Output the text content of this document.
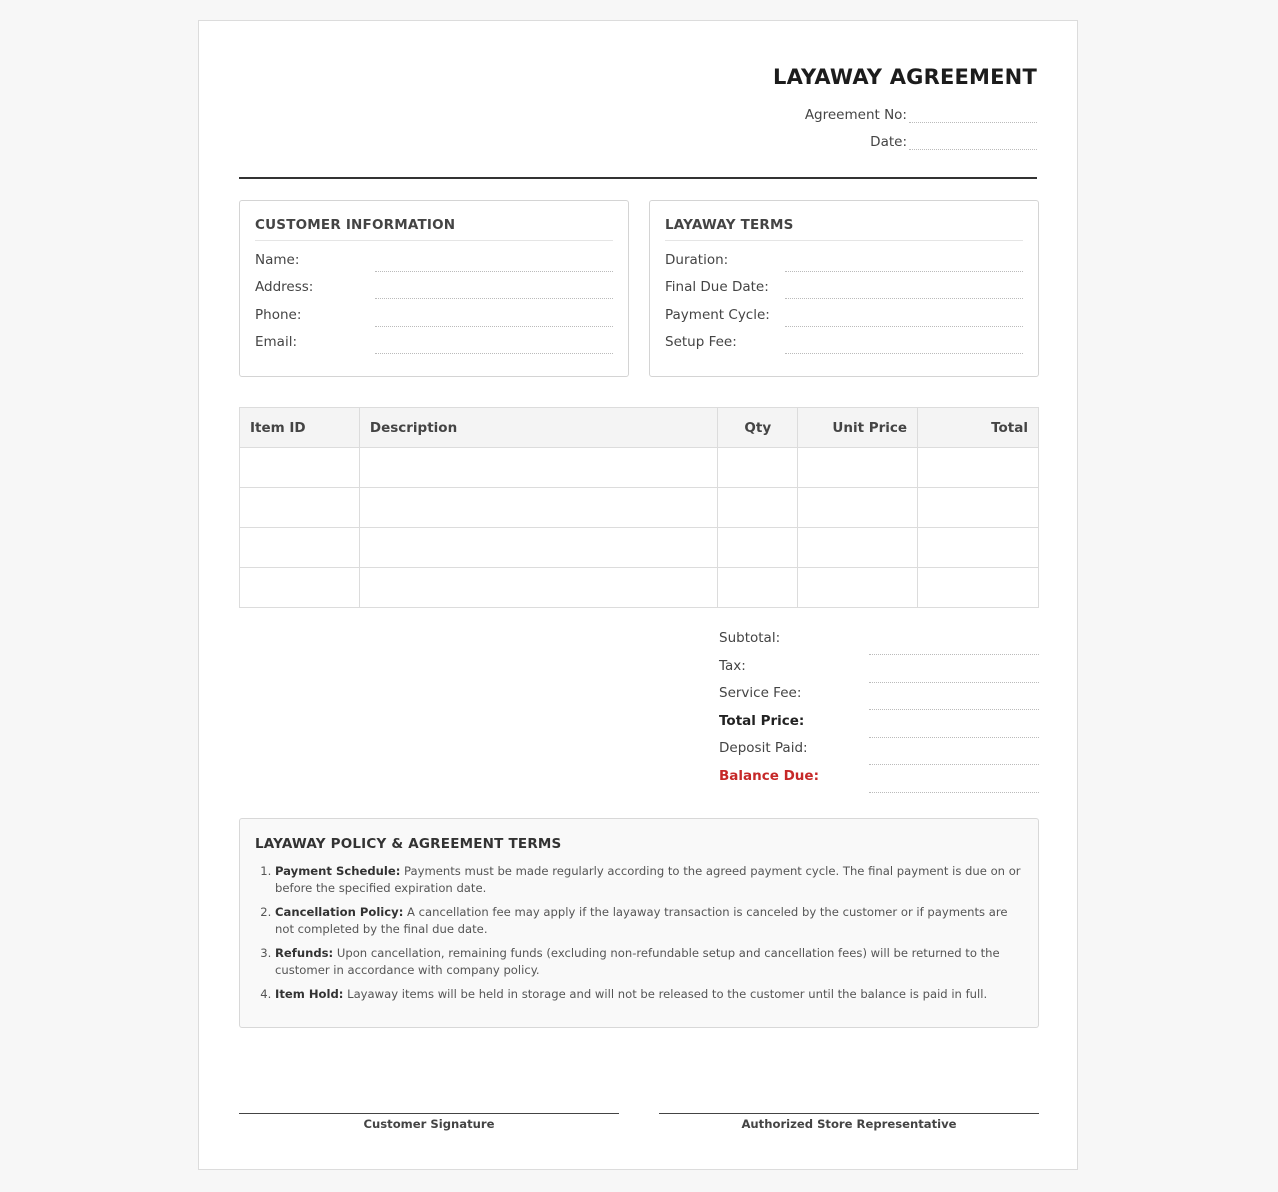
LAYAWAY AGREEMENT
Agreement No:
Date:
CUSTOMER INFORMATION
Name:
Address:
Phone:
Email:
LAYAWAY TERMS
Duration:
Final Due Date:
Payment Cycle:
Setup Fee:
Item ID	Description	Qty	Unit Price	Total

Subtotal:
Tax:
Service Fee:
Total Price:
Deposit Paid:
Balance Due:
LAYAWAY POLICY & AGREEMENT TERMS
1. Payment Schedule: Payments must be made regularly according to the agreed payment cycle. The final payment is due on or before the specified expiration date.
2. Cancellation Policy: A cancellation fee may apply if the layaway transaction is canceled by the customer or if payments are not completed by the final due date.
3. Refunds: Upon cancellation, remaining funds (excluding non-refundable setup and cancellation fees) will be returned to the customer in accordance with company policy.
4. Item Hold: Layaway items will be held in storage and will not be released to the customer until the balance is paid in full.
Customer Signature	Authorized Store Representative
